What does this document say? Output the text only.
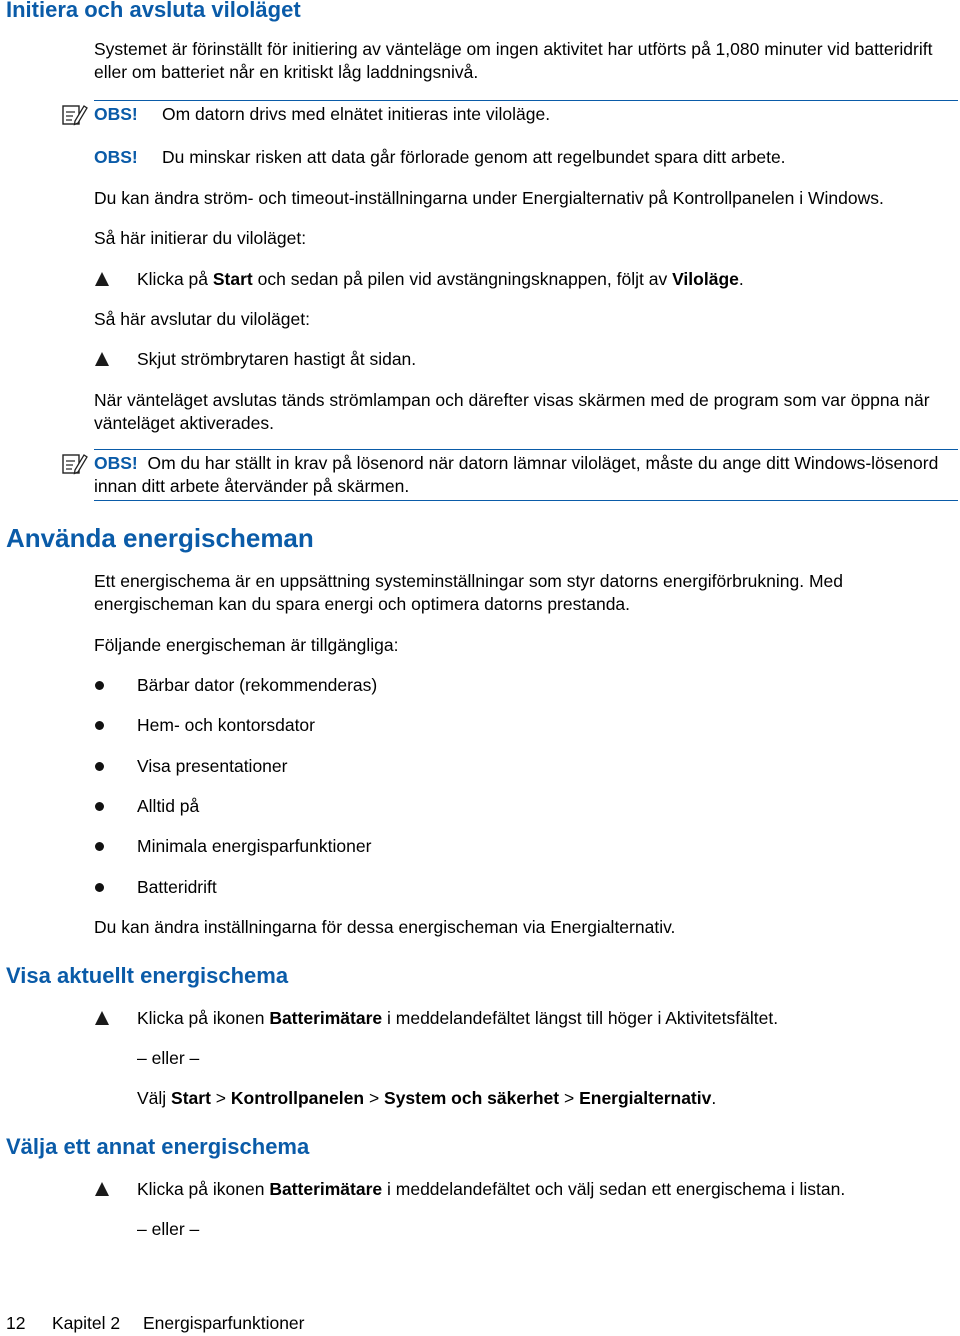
Initiera och avsluta viloläget
Systemet är förinställt för initiering av vänteläge om ingen aktivitet har utförts på 1,080 minuter vid batteridrift eller om batteriet når en kritiskt låg laddningsnivå.
OBS! Om datorn drivs med elnätet initieras inte viloläge.
OBS! Du minskar risken att data går förlorade genom att regelbundet spara ditt arbete.
Du kan ändra ström- och timeout-inställningarna under Energialternativ på Kontrollpanelen i Windows.
Så här initierar du viloläget:
Klicka på Start och sedan på pilen vid avstängningsknappen, följt av Viloläge.
Så här avslutar du viloläget:
Skjut strömbrytaren hastigt åt sidan.
När vänteläget avslutas tänds strömlampan och därefter visas skärmen med de program som var öppna när vänteläget aktiverades.
OBS! Om du har ställt in krav på lösenord när datorn lämnar viloläget, måste du ange ditt Windows-lösenord innan ditt arbete återvänder på skärmen.
Använda energischeman
Ett energischema är en uppsättning systeminställningar som styr datorns energiförbrukning. Med energischeman kan du spara energi och optimera datorns prestanda.
Följande energischeman är tillgängliga:
Bärbar dator (rekommenderas)
Hem- och kontorsdator
Visa presentationer
Alltid på
Minimala energisparfunktioner
Batteridrift
Du kan ändra inställningarna för dessa energischeman via Energialternativ.
Visa aktuellt energischema
Klicka på ikonen Batterimätare i meddelandefältet längst till höger i Aktivitetsfältet.
– eller –
Välj Start > Kontrollpanelen > System och säkerhet > Energialternativ.
Välja ett annat energischema
Klicka på ikonen Batterimätare i meddelandefältet och välj sedan ett energischema i listan.
– eller –
12 Kapitel 2 Energisparfunktioner
